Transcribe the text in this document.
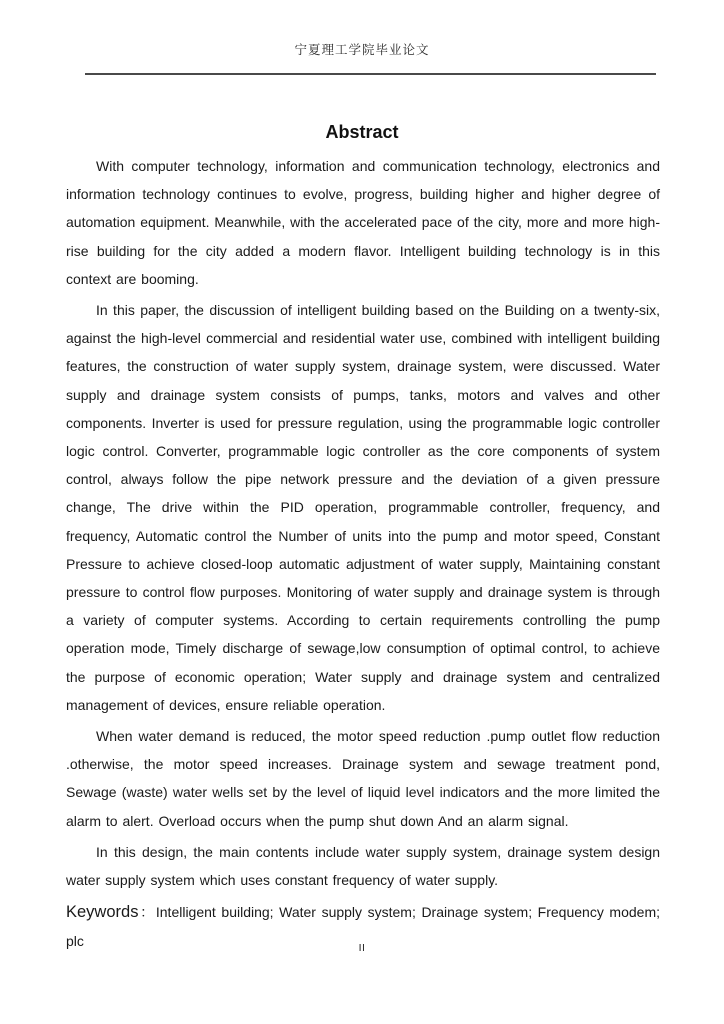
宁夏理工学院毕业论文
Abstract

With computer technology, information and communication technology, electronics and information technology continues to evolve, progress, building higher and higher degree of automation equipment. Meanwhile, with the accelerated pace of the city, more and more high-rise building for the city added a modern flavor. Intelligent building technology is in this context are booming.

In this paper, the discussion of intelligent building based on the Building on a twenty-six, against the high-level commercial and residential water use, combined with intelligent building features, the construction of water supply system, drainage system, were discussed. Water supply and drainage system consists of pumps, tanks, motors and valves and other components. Inverter is used for pressure regulation, using the programmable logic controller logic control. Converter, programmable logic controller as the core components of system control, always follow the pipe network pressure and the deviation of a given pressure change, The drive within the PID operation, programmable controller, frequency, and frequency, Automatic control the Number of units into the pump and motor speed, Constant Pressure to achieve closed-loop automatic adjustment of water supply, Maintaining constant pressure to control flow purposes. Monitoring of water supply and drainage system is through a variety of computer systems. According to certain requirements controlling the pump operation mode, Timely discharge of sewage,low consumption of optimal control, to achieve the purpose of economic operation; Water supply and drainage system and centralized management of devices, ensure reliable operation.

When water demand is reduced, the motor speed reduction .pump outlet flow reduction .otherwise, the motor speed increases. Drainage system and sewage treatment pond, Sewage (waste) water wells set by the level of liquid level indicators and the more limited the alarm to alert. Overload occurs when the pump shut down And an alarm signal.

In this design, the main contents include water supply system, drainage system design water supply system which uses constant frequency of water supply.

Keywords：Intelligent building; Water supply system; Drainage system; Frequency modem; plc	II
